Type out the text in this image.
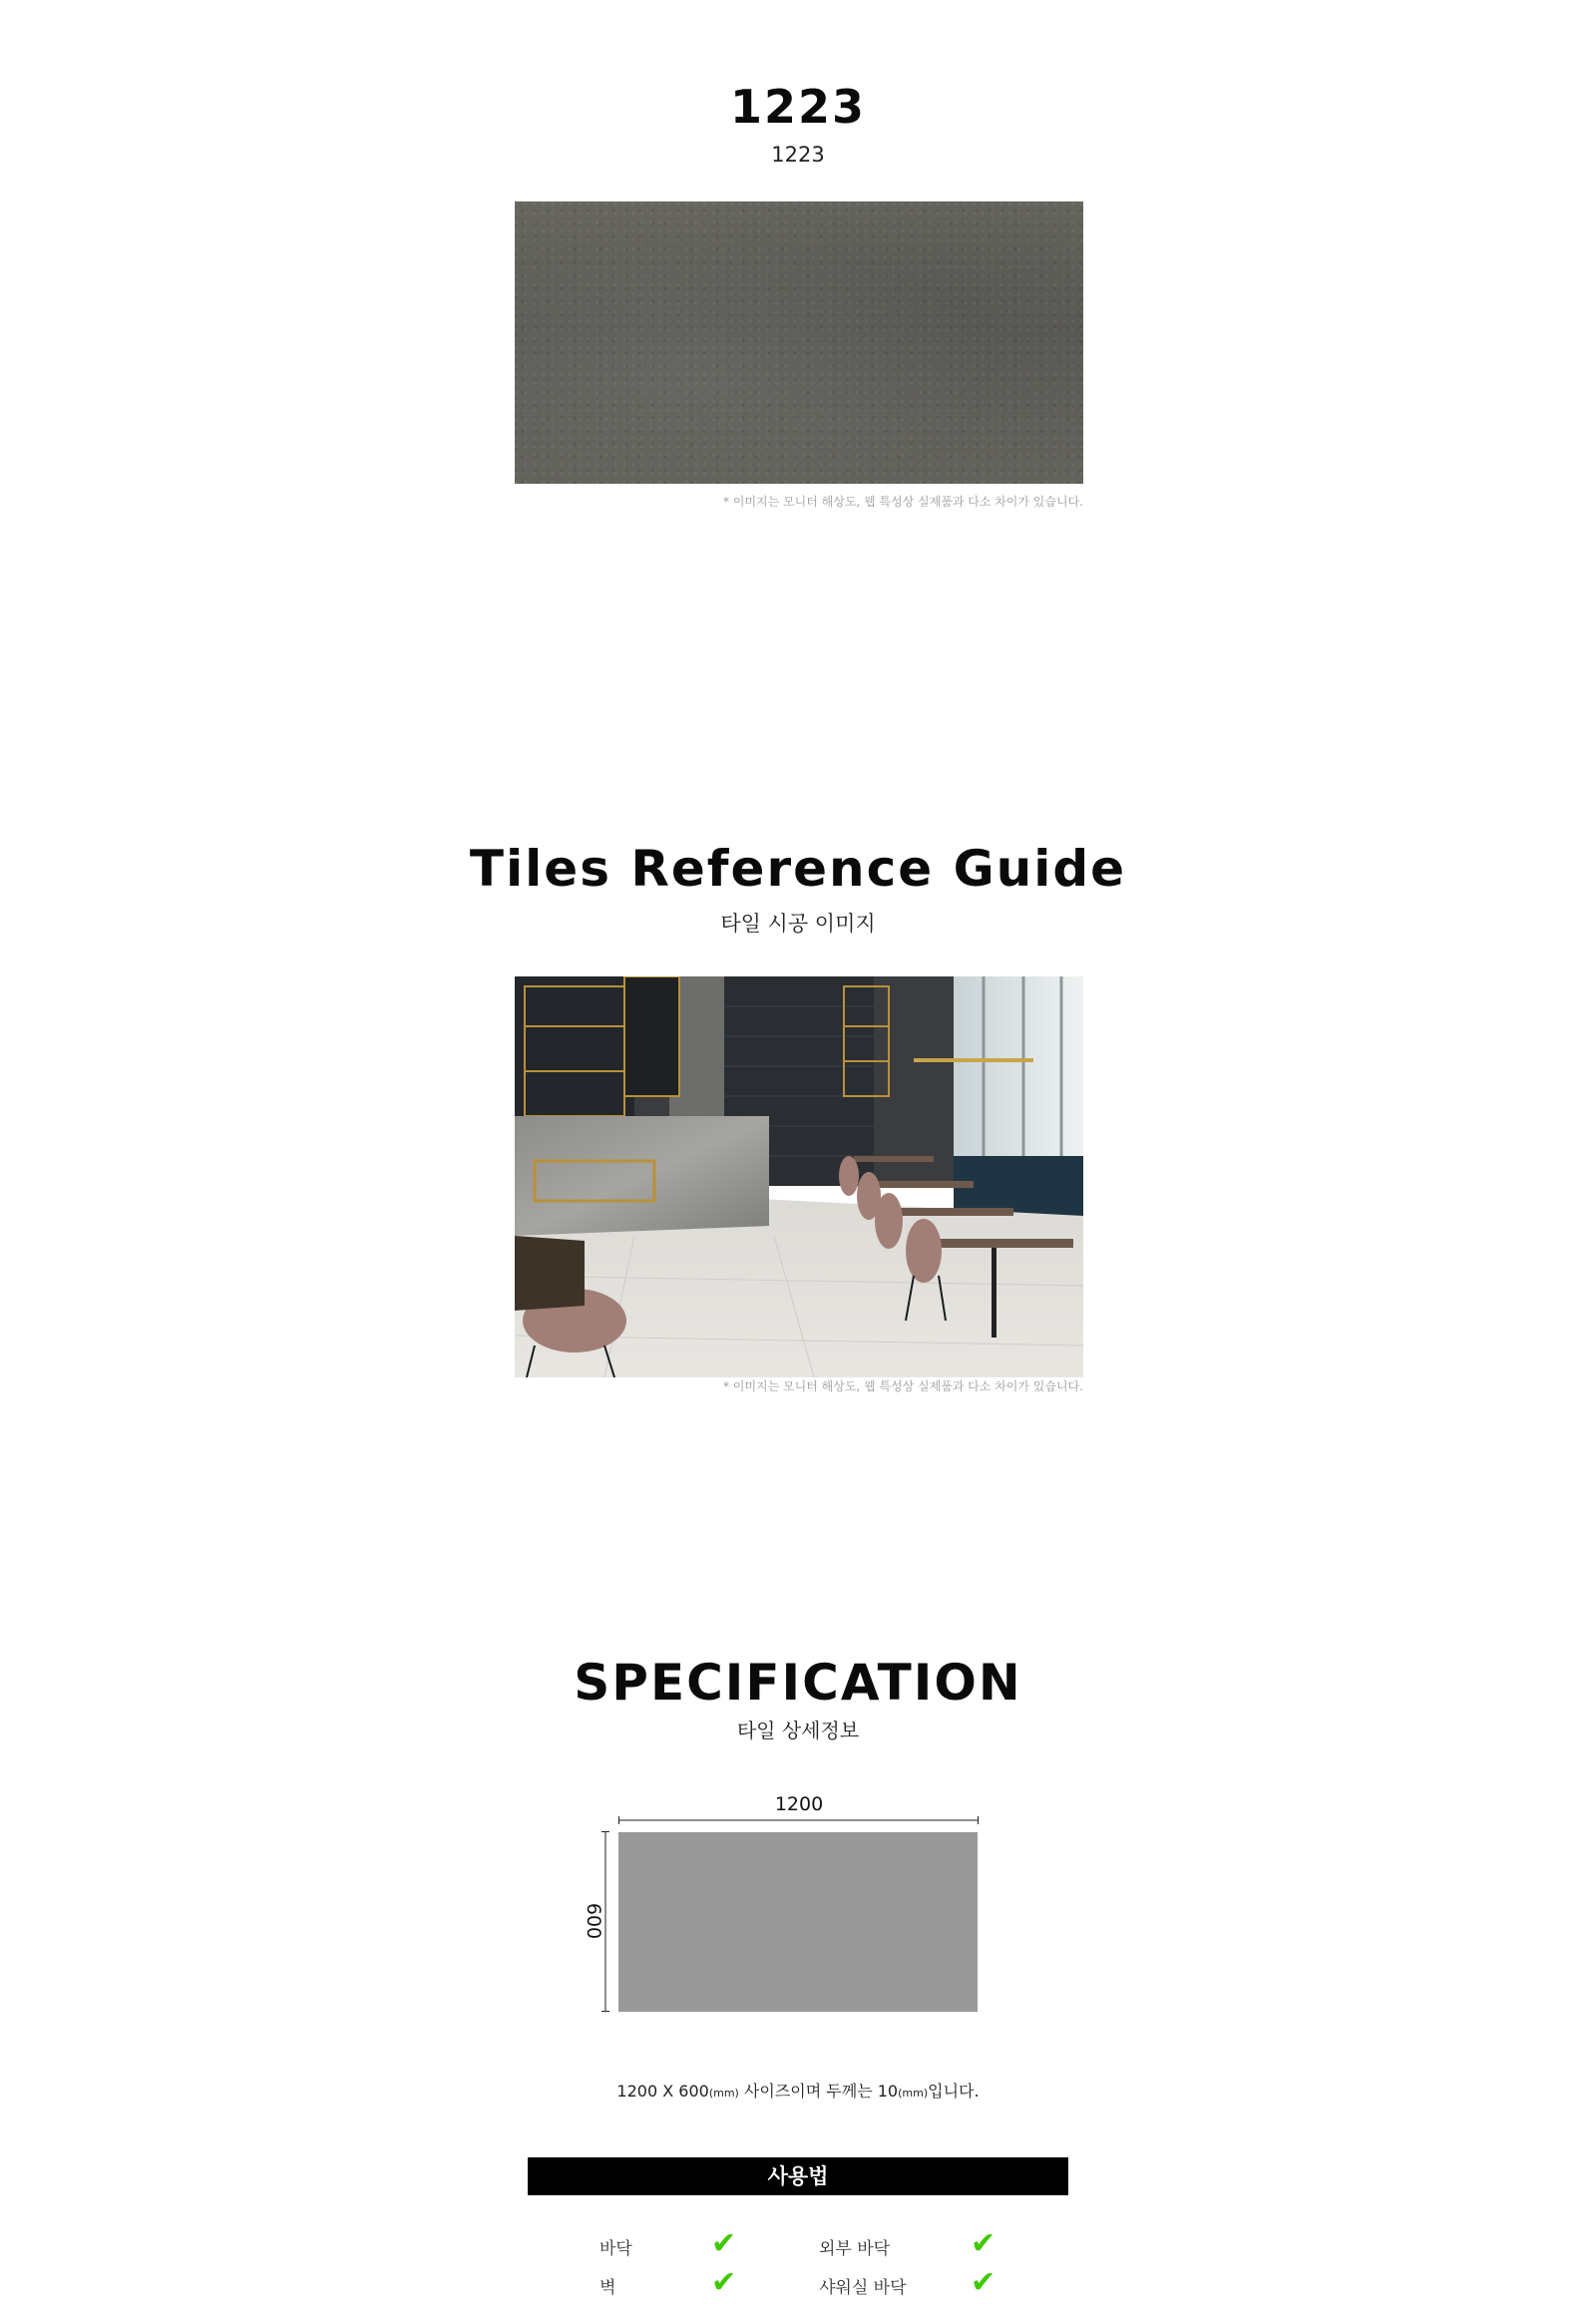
1223
1223
* 이미지는 모니터 해상도, 웹 특성상 실제품과 다소 차이가 있습니다.
Tiles Reference Guide
타일 시공 이미지
* 이미지는 모니터 해상도, 웹 특성상 실제품과 다소 차이가 있습니다.
SPECIFICATION
타일 상세정보
1200
600
1200 X 600(mm) 사이즈이며 두께는 10(mm)입니다.
사용법
바닥	✔	외부 바닥	✔
벽	✔	샤워실 바닥 ✔
